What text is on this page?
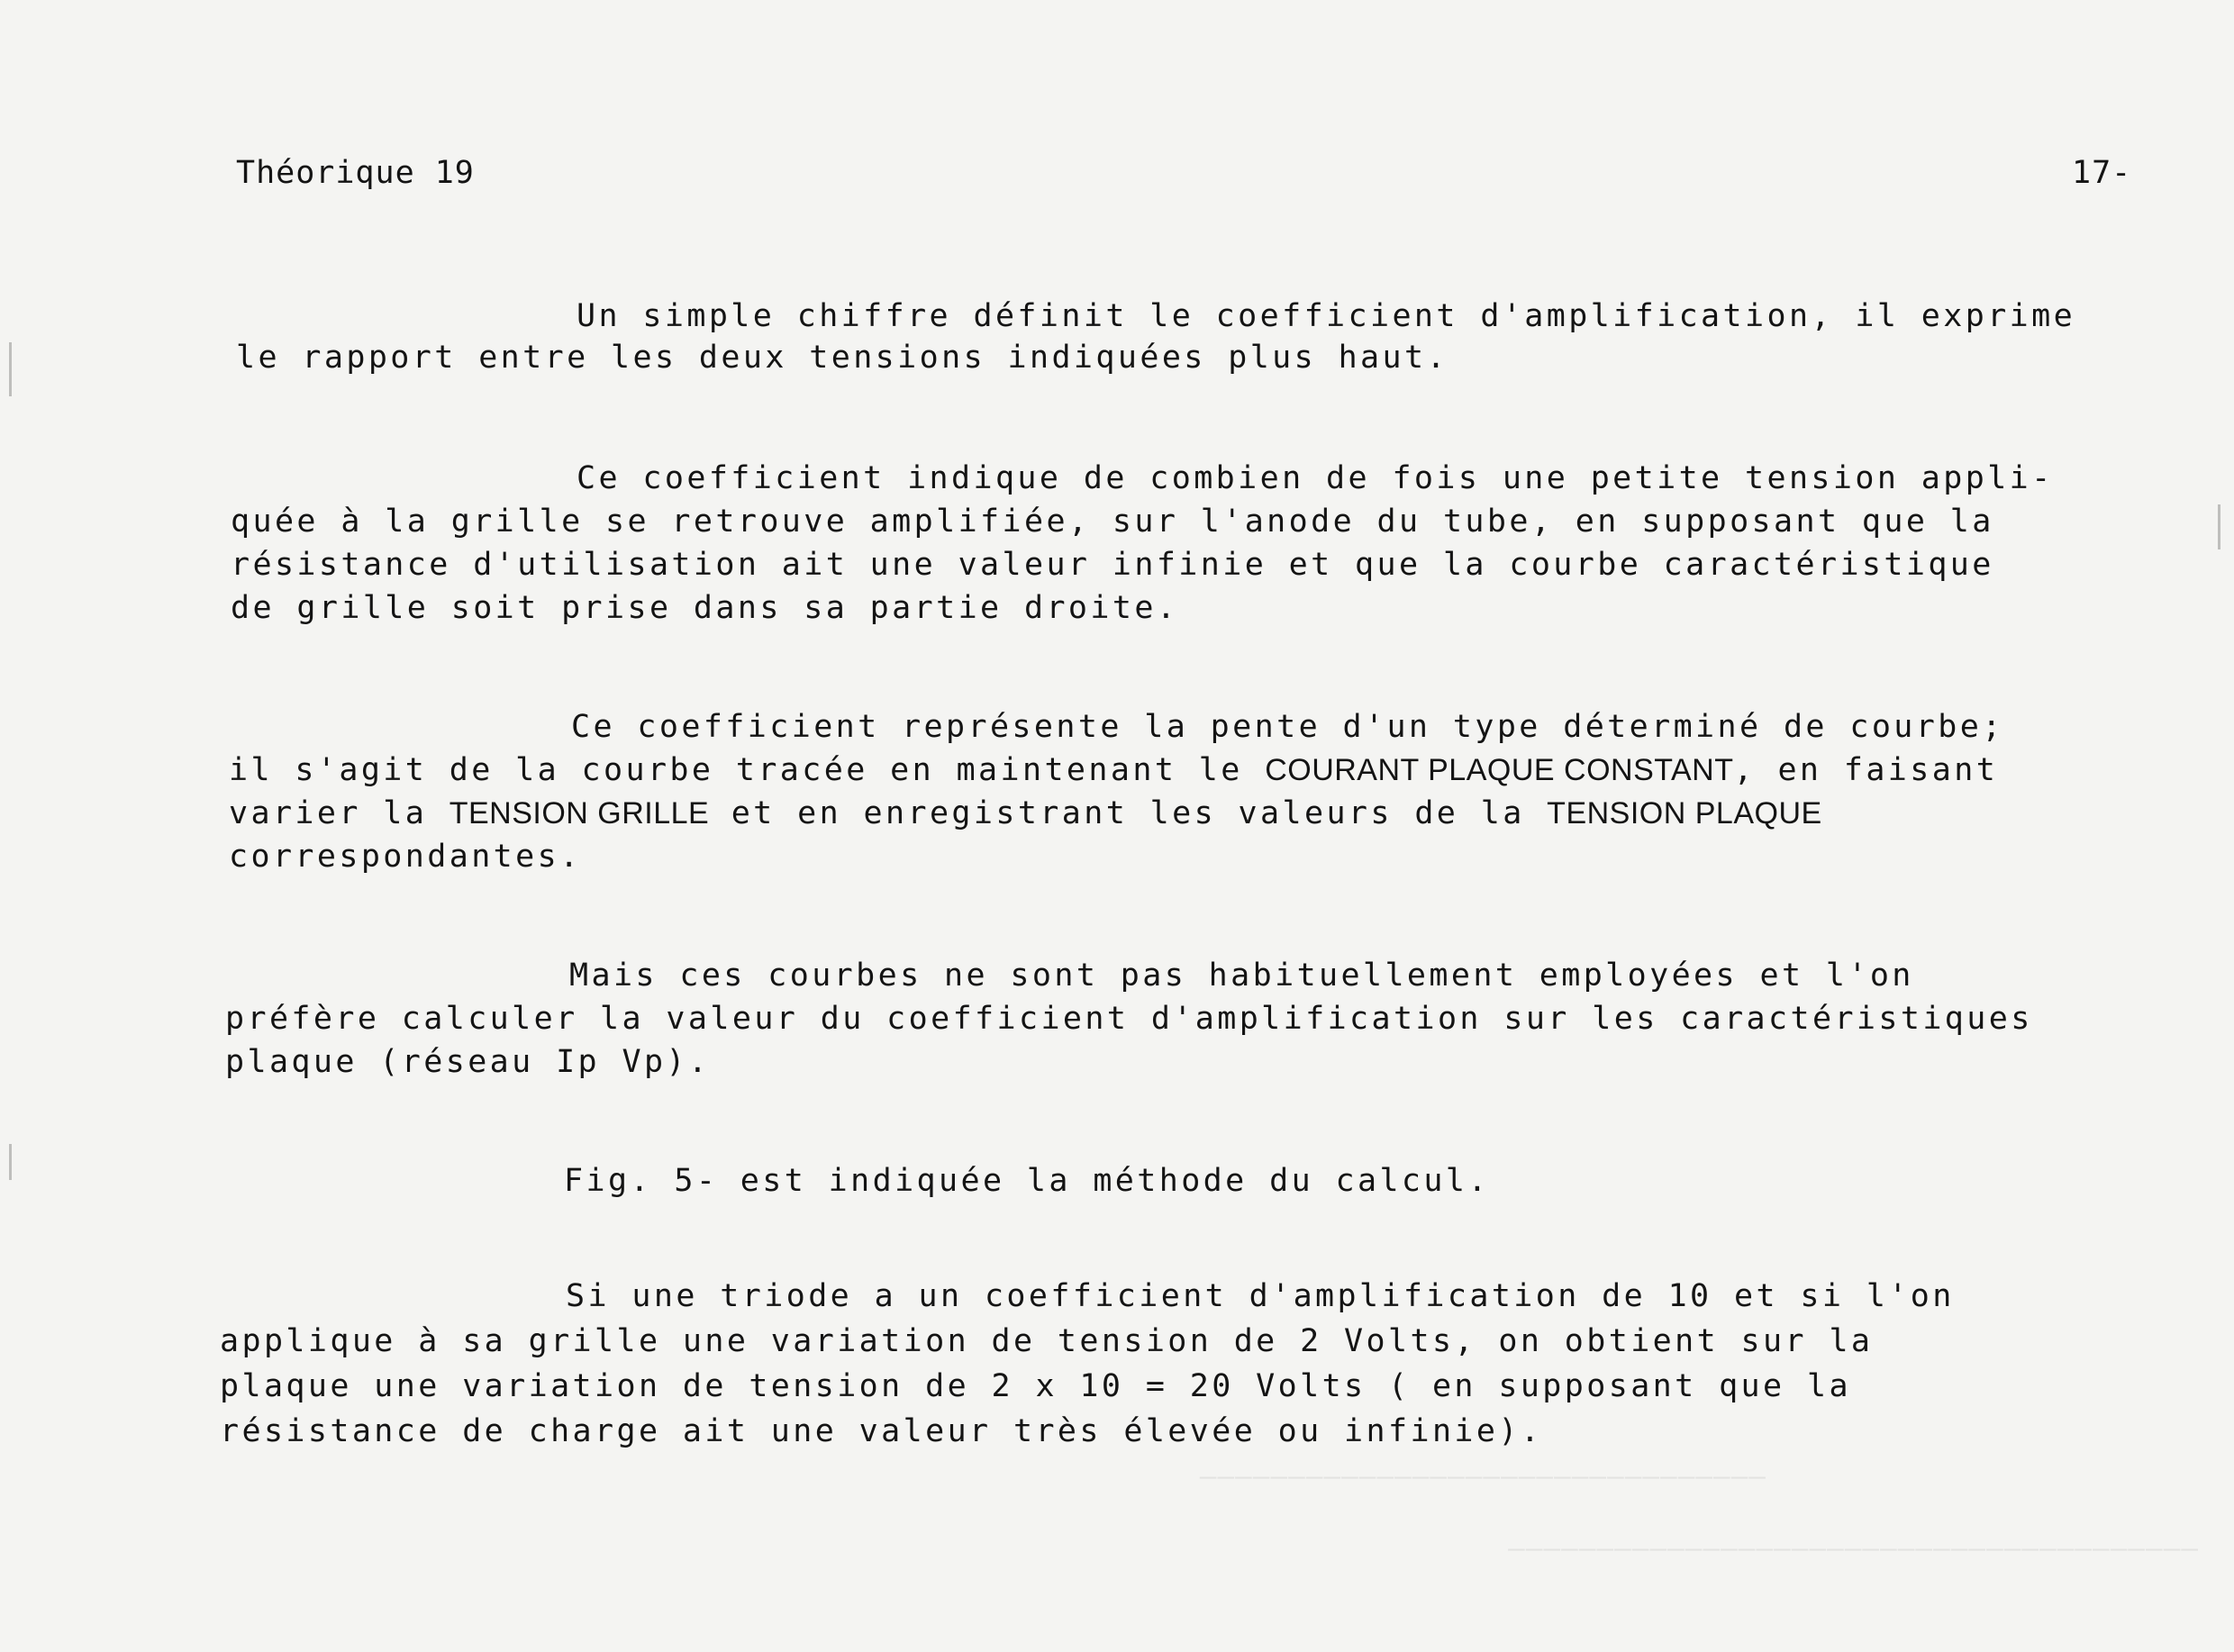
————————————————————————————————
———————————————————————————————————————
Théorique 19	17-
Un simple chiffre définit le coefficient d'amplification, il exprime
le rapport entre les deux tensions indiquées plus haut.
Ce coefficient indique de combien de fois une petite tension appli-
quée à la grille se retrouve amplifiée, sur l'anode du tube, en supposant que la
résistance d'utilisation ait une valeur infinie et que la courbe caractéristique
de grille soit prise dans sa partie droite.
Ce coefficient représente la pente d'un type déterminé de courbe;
il s'agit de la courbe tracée en maintenant le COURANT PLAQUE CONSTANT, en faisant
varier la TENSION GRILLE et en enregistrant les valeurs de la TENSION PLAQUE
correspondantes.
Mais ces courbes ne sont pas habituellement employées et l'on
préfère calculer la valeur du coefficient d'amplification sur les caractéristiques
plaque (réseau Ip Vp).
Fig. 5- est indiquée la méthode du calcul.
Si une triode a un coefficient d'amplification de 10 et si l'on
applique à sa grille une variation de tension de 2 Volts, on obtient sur la
plaque une variation de tension de 2 x 10 = 20 Volts ( en supposant que la
résistance de charge ait une valeur très élevée ou infinie).
